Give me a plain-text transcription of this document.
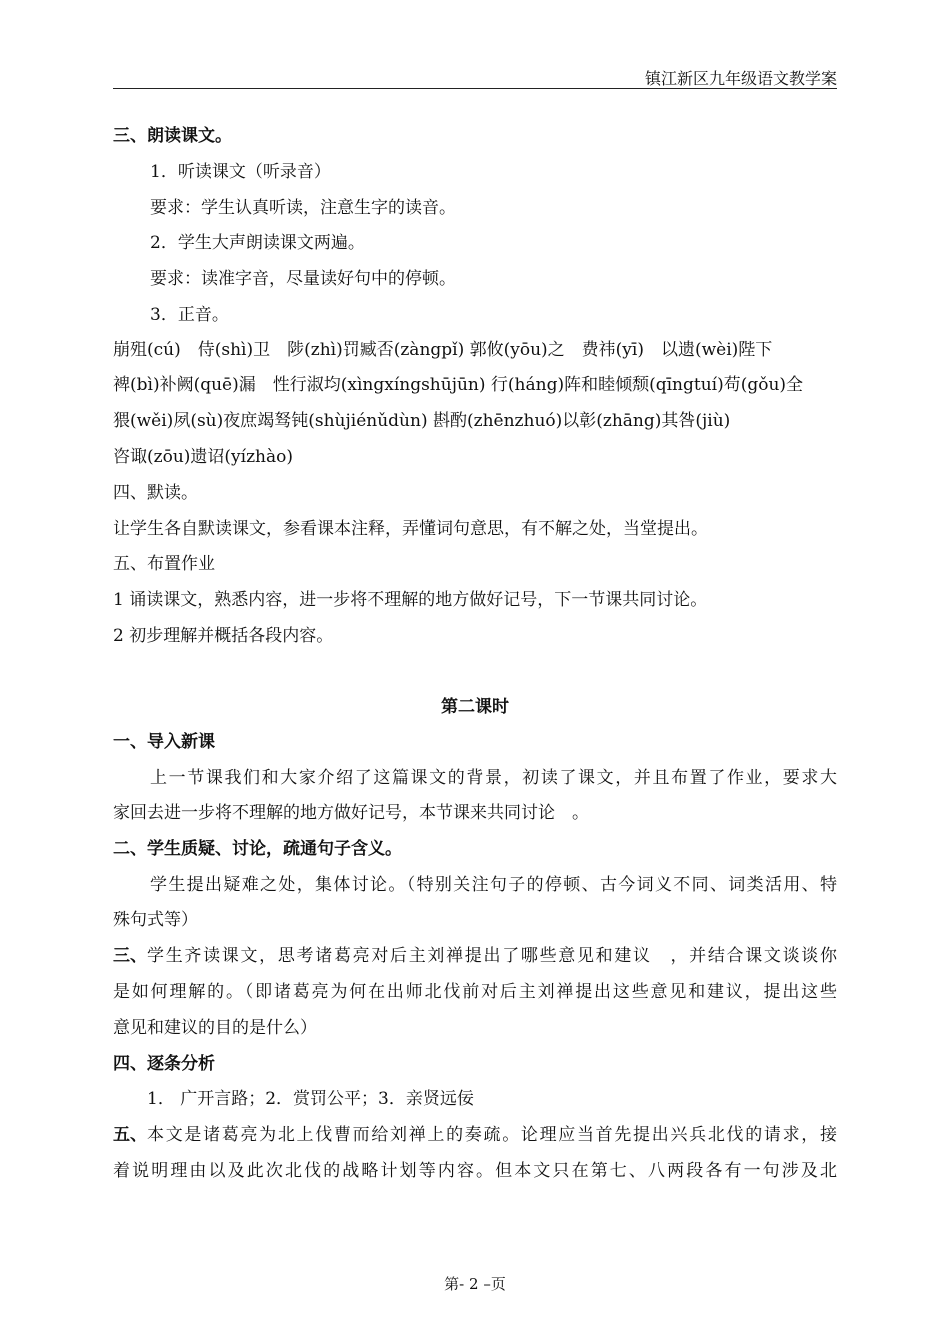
镇江新区九年级语文教学案
三、朗读课文。
1．听读课文（听录音）
要求：学生认真听读，注意生字的读音。
2．学生大声朗读课文两遍。
要求：读准字音，尽量读好句中的停顿。
3．正音。
崩殂(cú)　侍(shì)卫　陟(zhì)罚臧否(zàngpǐ) 郭攸(yōu)之　费祎(yī)　以遗(wèi)陛下
裨(bì)补阙(quē)漏　性行淑均(xìngxíngshūjūn) 行(háng)阵和睦倾颓(qīngtuí)苟(gǒu)全
猥(wěi)夙(sù)夜庶竭驽钝(shùjiénǔdùn) 斟酌(zhēnzhuó)以彰(zhāng)其咎(jiù)
咨诹(zōu)遗诏(yízhào)
四、默读。
让学生各自默读课文，参看课本注释，弄懂词句意思，有不解之处，当堂提出。
五、布置作业
1 诵读课文，熟悉内容，进一步将不理解的地方做好记号，下一节课共同讨论。
2 初步理解并概括各段内容。
第二课时
一、导入新课
上一节课我们和大家介绍了这篇课文的背景，初读了课文，并且布置了作业，要求大
家回去进一步将不理解的地方做好记号，本节课来共同讨论　。
二、学生质疑、讨论，疏通句子含义。
学生提出疑难之处，集体讨论。（特别关注句子的停顿、古今词义不同、词类活用、特
殊句式等）
三、 学生齐读课文，思考诸葛亮对后主刘禅提出了哪些意见和建议　，并结合课文谈谈你
是如何理解的。（即诸葛亮为何在出师北伐前对后主刘禅提出这些意见和建议，提出这些
意见和建议的目的是什么）
四、逐条分析
1． 广开言路；2．赏罚公平；3．亲贤远佞
五、 本文是诸葛亮为北上伐曹而给刘禅上的奏疏。论理应当首先提出兴兵北伐的请求，接
着说明理由以及此次北伐的战略计划等内容。但本文只在第七、八两段各有一句涉及北
第- 2 –页
